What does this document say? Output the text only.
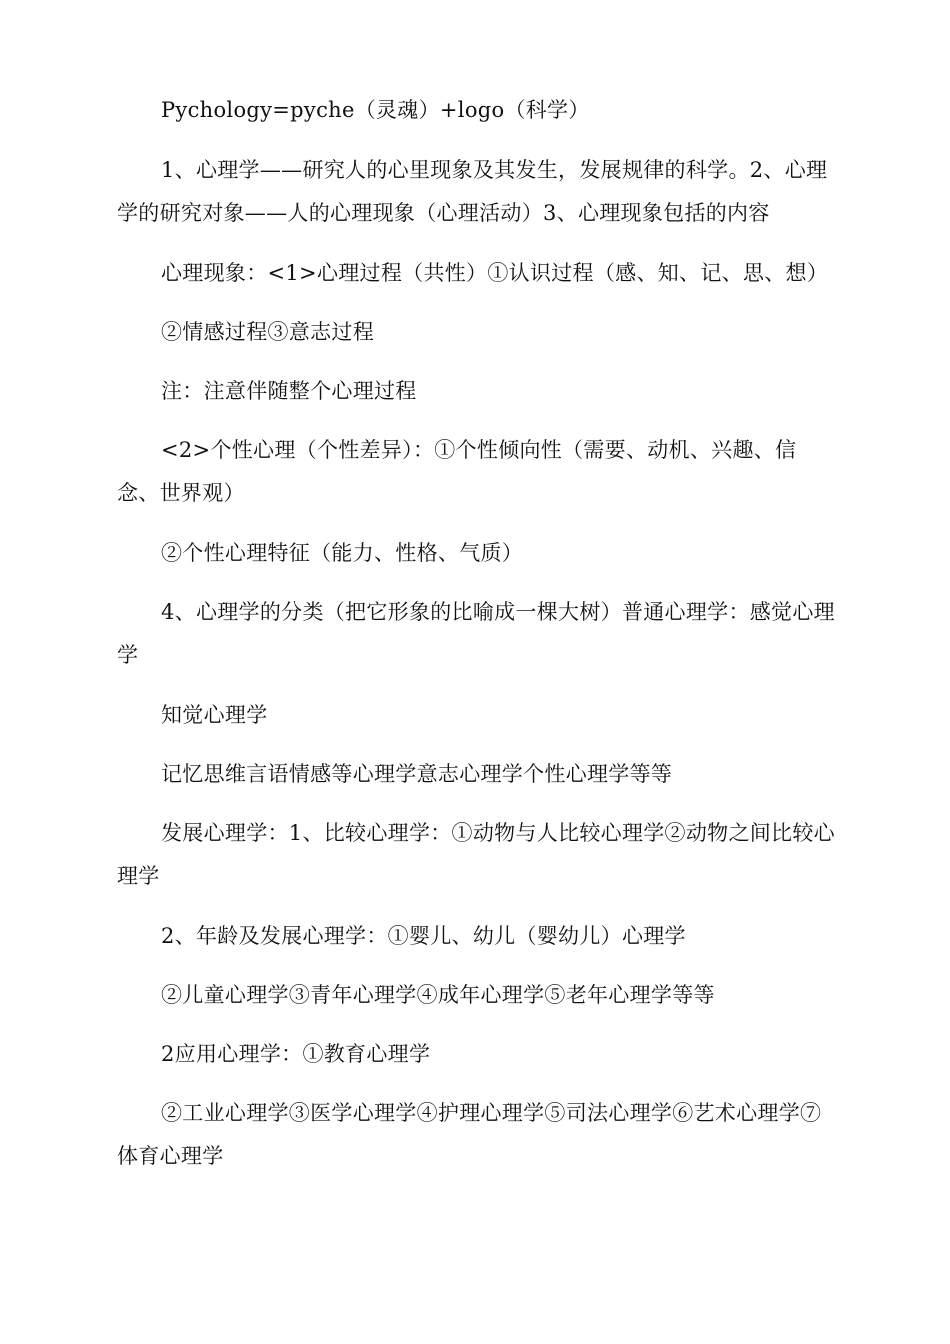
Pychology=pyche（灵魂）+logo（科学）

1、心理学——研究人的心里现象及其发生，发展规律的科学。2、心理学的研究对象——人的心理现象（心理活动）3、心理现象包括的内容

心理现象：<1>心理过程（共性）①认识过程（感、知、记、思、想）

②情感过程③意志过程

注：注意伴随整个心理过程

<2>个性心理（个性差异）：①个性倾向性（需要、动机、兴趣、信念、世界观）

②个性心理特征（能力、性格、气质）

4、心理学的分类（把它形象的比喻成一棵大树）普通心理学：感觉心理学

知觉心理学

记忆思维言语情感等心理学意志心理学个性心理学等等

发展心理学：1、比较心理学：①动物与人比较心理学②动物之间比较心理学

2、年龄及发展心理学：①婴儿、幼儿（婴幼儿）心理学

②儿童心理学③青年心理学④成年心理学⑤老年心理学等等

2应用心理学：①教育心理学

②工业心理学③医学心理学④护理心理学⑤司法心理学⑥艺术心理学⑦体育心理学
